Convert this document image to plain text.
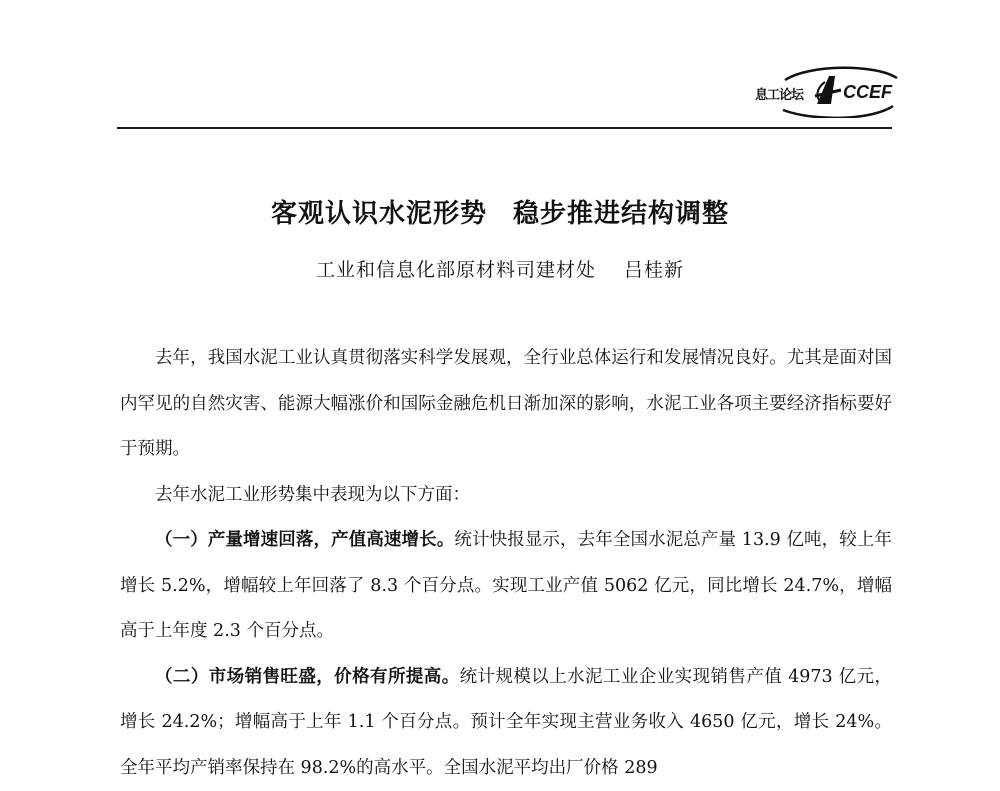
息工论坛 CCEF
客观认识水泥形势 稳步推进结构调整
工业和信息化部原材料司建材处 吕桂新

去年，我国水泥工业认真贯彻落实科学发展观，全行业总体运行和发展情况良好。尤其是面对国内罕见的自然灾害、能源大幅涨价和国际金融危机日渐加深的影响，水泥工业各项主要经济指标要好于预期。

去年水泥工业形势集中表现为以下方面：

（一）产量增速回落，产值高速增长。统计快报显示，去年全国水泥总产量 13.9 亿吨，较上年增长 5.2%，增幅较上年回落了 8.3 个百分点。实现工业产值 5062 亿元，同比增长 24.7%，增幅高于上年度 2.3 个百分点。

（二）市场销售旺盛，价格有所提高。统计规模以上水泥工业企业实现销售产值 4973 亿元，增长 24.2%；增幅高于上年 1.1 个百分点。预计全年实现主营业务收入 4650 亿元，增长 24%。全年平均产销率保持在 98.2%的高水平。全国水泥平均出厂价格 289
